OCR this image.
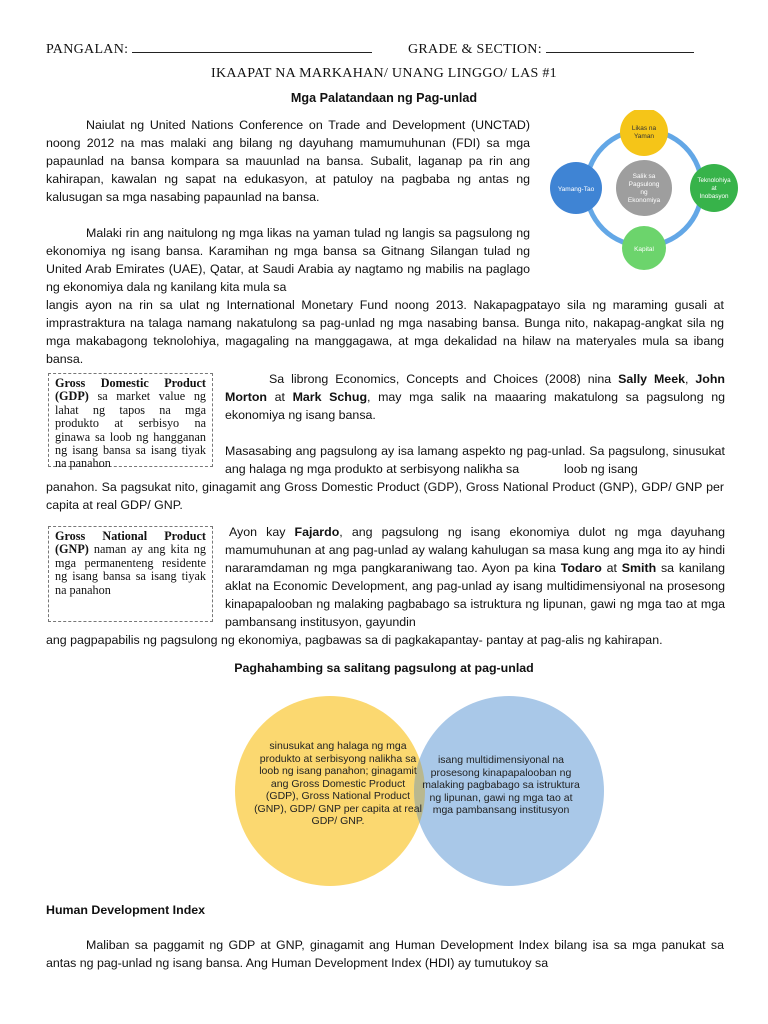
PANGALAN:	GRADE & SECTION:
IKAAPAT NA MARKAHAN/ UNANG LINGGO/ LAS #1
Mga Palatandaan ng Pag-unlad
Salik sa
Pagsulong
ng
Ekonomiya
Likas na
Yaman
Teknolohiya
at
Inobasyon
Kapital
Yamang-Tao
Naiulat ng United Nations Conference on Trade and Development (UNCTAD) noong 2012 na mas malaki ang bilang ng dayuhang mamumuhunan (FDI) sa mga papaunlad na bansa kompara sa mauunlad na bansa. Subalit, laganap pa rin ang kahirapan, kawalan ng sapat na edukasyon, at patuloy na pagbaba ng antas ng kalusugan sa mga nasabing papaunlad na bansa.
Malaki rin ang naitulong ng mga likas na yaman tulad ng langis sa pagsulong ng ekonomiya ng isang bansa. Karamihan ng mga bansa sa Gitnang Silangan tulad ng United Arab Emirates (UAE), Qatar, at Saudi Arabia ay nagtamo ng mabilis na paglago ng ekonomiya dala ng kanilang kita mula sa
langis ayon na rin sa ulat ng International Monetary Fund noong 2013. Nakapagpatayo sila ng maraming gusali at imprastraktura na talaga namang nakatulong sa pag-unlad ng mga nasabing bansa. Bunga nito, nakapag-angkat sila ng mga makabagong teknolohiya, magagaling na manggagawa, at mga dekalidad na hilaw na materyales mula sa ibang bansa.
Gross Domestic Product (GDP) sa market value ng lahat ng tapos na mga produkto at serbisyo na ginawa sa loob ng hangganan ng isang bansa sa isang tiyak na panahon
Sa librong Economics, Concepts and Choices (2008) nina Sally Meek, John Morton at Mark Schug, may mga salik na maaaring makatulong sa pagsulong ng ekonomiya ng isang bansa.
Masasabing ang pagsulong ay isa lamang aspekto ng pag-unlad. Sa pagsulong, sinusukat ang halaga ng mga produkto at serbisyong nalikha sa	loob ng isang
panahon. Sa pagsukat nito, ginagamit ang Gross Domestic Product (GDP), Gross National Product (GNP), GDP/ GNP per capita at real GDP/ GNP.
Gross National Product (GNP) naman ay ang kita ng mga permanenteng residente ng isang bansa sa isang tiyak na panahon
Ayon kay Fajardo, ang pagsulong ng isang ekonomiya dulot ng mga dayuhang mamumuhunan at ang pag-unlad ay walang kahulugan sa masa kung ang mga ito ay hindi nararamdaman ng mga pangkaraniwang tao. Ayon pa kina Todaro at Smith sa kanilang aklat na Economic Development, ang pag-unlad ay isang multidimensiyonal na prosesong kinapapalooban ng malaking pagbabago sa istruktura ng lipunan, gawi ng mga tao at mga pambansang institusyon, gayundin
ang pagpapabilis ng pagsulong ng ekonomiya, pagbawas sa di pagkakapantay- pantay at pag-alis ng kahirapan.
Paghahambing sa salitang pagsulong at pag-unlad
sinusukat ang halaga ng mga produkto at serbisyong nalikha sa loob ng isang panahon; ginagamit ang Gross Domestic Product (GDP), Gross National Product (GNP), GDP/ GNP per capita at real GDP/ GNP.
isang multidimensiyonal na prosesong kinapapalooban ng malaking pagbabago sa istruktura ng lipunan, gawi ng mga tao at mga pambansang institusyon
Human Development Index
Maliban sa paggamit ng GDP at GNP, ginagamit ang Human Development Index bilang isa sa mga panukat sa antas ng pag-unlad ng isang bansa. Ang Human Development Index (HDI) ay tumutukoy sa
